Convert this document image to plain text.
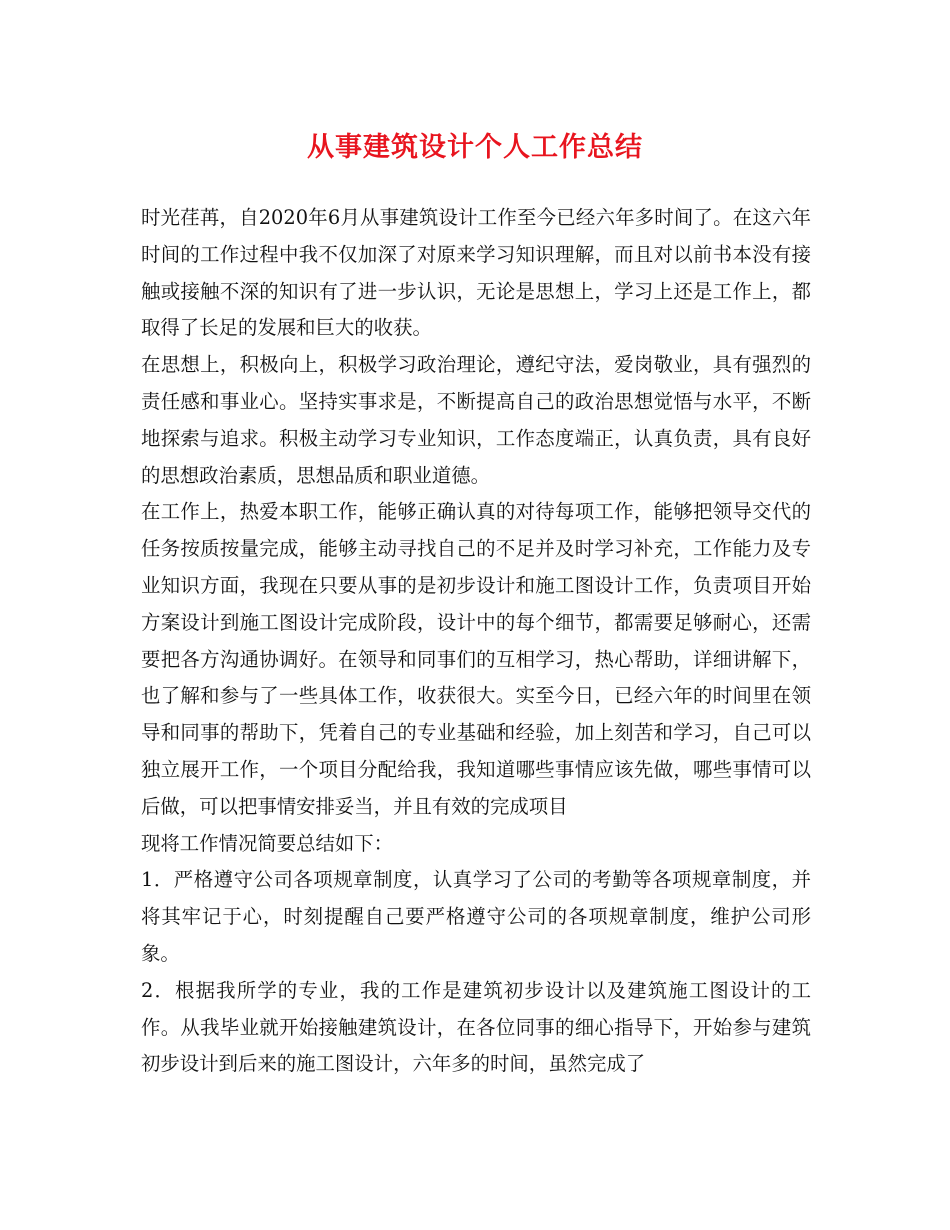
从事建筑设计个人工作总结

时光荏苒，自2020年6月从事建筑设计工作至今已经六年多时间了。在这六年时间的工作过程中我不仅加深了对原来学习知识理解，而且对以前书本没有接触或接触不深的知识有了进一步认识，无论是思想上，学习上还是工作上，都取得了长足的发展和巨大的收获。

在思想上，积极向上，积极学习政治理论，遵纪守法，爱岗敬业，具有强烈的责任感和事业心。坚持实事求是，不断提高自己的政治思想觉悟与水平，不断地探索与追求。积极主动学习专业知识，工作态度端正，认真负责，具有良好的思想政治素质，思想品质和职业道德。

在工作上，热爱本职工作，能够正确认真的对待每项工作，能够把领导交代的任务按质按量完成，能够主动寻找自己的不足并及时学习补充，工作能力及专业知识方面，我现在只要从事的是初步设计和施工图设计工作，负责项目开始方案设计到施工图设计完成阶段，设计中的每个细节，都需要足够耐心，还需要把各方沟通协调好。在领导和同事们的互相学习，热心帮助，详细讲解下，也了解和参与了一些具体工作，收获很大。实至今日，已经六年的时间里在领导和同事的帮助下，凭着自己的专业基础和经验，加上刻苦和学习，自己可以独立展开工作，一个项目分配给我，我知道哪些事情应该先做，哪些事情可以后做，可以把事情安排妥当，并且有效的完成项目

现将工作情况简要总结如下：

1．严格遵守公司各项规章制度，认真学习了公司的考勤等各项规章制度，并将其牢记于心，时刻提醒自己要严格遵守公司的各项规章制度，维护公司形象。

2．根据我所学的专业，我的工作是建筑初步设计以及建筑施工图设计的工作。从我毕业就开始接触建筑设计，在各位同事的细心指导下，开始参与建筑初步设计到后来的施工图设计，六年多的时间，虽然完成了
